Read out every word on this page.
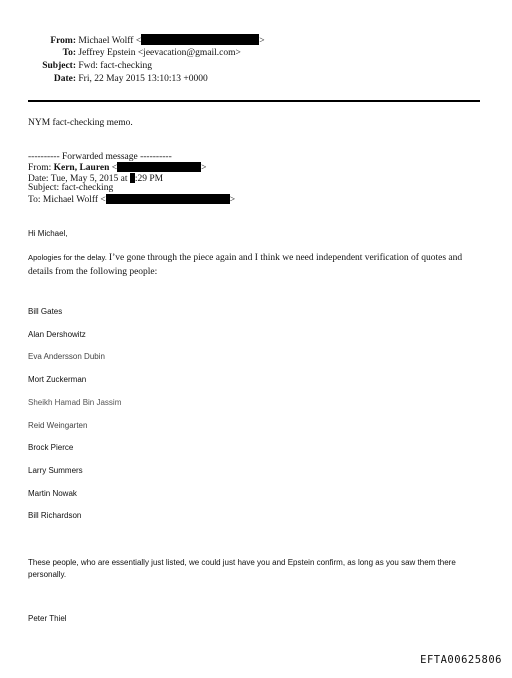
From: Michael Wolff <	>
To: Jeffrey Epstein <jeevacation@gmail.com>
Subject: Fwd: fact-checking
Date: Fri, 22 May 2015 13:10:13 +0000
NYM fact-checking memo.
---------- Forwarded message ----------
From: Kern, Lauren <	>
Date: Tue, May 5, 2015 at :29 PM
Subject: fact-checking
To: Michael Wolff <	>
Hi Michael,
Apologies for the delay. I’ve gone through the piece again and I think we need independent verification of quotes and details from the following people:
Bill Gates
Alan Dershowitz
Eva Andersson Dubin
Mort Zuckerman
Sheikh Hamad Bin Jassim
Reid Weingarten
Brock Pierce
Larry Summers
Martin Nowak
Bill Richardson
These people, who are essentially just listed, we could just have you and Epstein confirm, as long as you saw them there personally.
Peter Thiel
EFTA00625806
